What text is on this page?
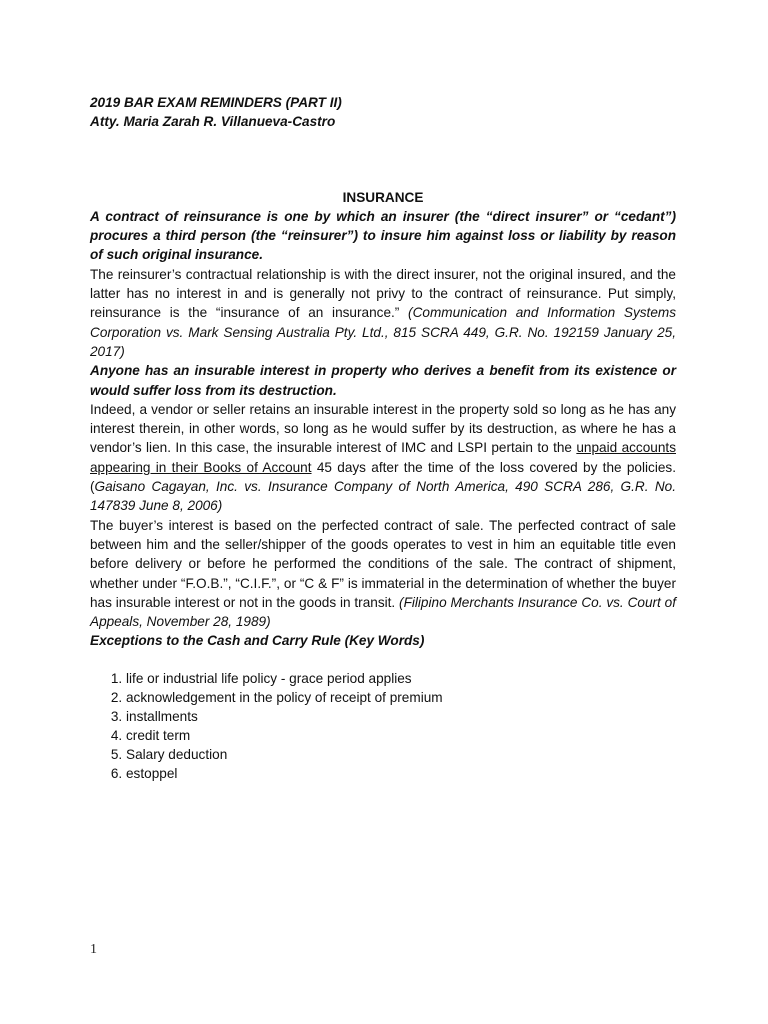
2019 BAR EXAM REMINDERS (PART II)

Atty. Maria Zarah R. Villanueva-Castro

INSURANCE

A contract of reinsurance is one by which an insurer (the “direct insurer” or “cedant”) procures a third person (the “reinsurer”) to insure him against loss or liability by reason of such original insurance.

The reinsurer’s contractual relationship is with the direct insurer, not the original insured, and the latter has no interest in and is generally not privy to the contract of reinsurance. Put simply, reinsurance is the “insurance of an insurance.” (Communication and Information Systems Corporation vs. Mark Sensing Australia Pty. Ltd., 815 SCRA 449, G.R. No. 192159 January 25, 2017)

Anyone has an insurable interest in property who derives a benefit from its existence or would suffer loss from its destruction.

Indeed, a vendor or seller retains an insurable interest in the property sold so long as he has any interest therein, in other words, so long as he would suffer by its destruction, as where he has a vendor’s lien. In this case, the insurable interest of IMC and LSPI pertain to the unpaid accounts appearing in their Books of Account 45 days after the time of the loss covered by the policies. (Gaisano Cagayan, Inc. vs. Insurance Company of North America, 490 SCRA 286, G.R. No. 147839 June 8, 2006)

The buyer’s interest is based on the perfected contract of sale. The perfected contract of sale between him and the seller/shipper of the goods operates to vest in him an equitable title even before delivery or before he performed the conditions of the sale. The contract of shipment, whether under “F.O.B.”, “C.I.F.”, or “C & F” is immaterial in the determination of whether the buyer has insurable interest or not in the goods in transit. (Filipino Merchants Insurance Co. vs. Court of Appeals, November 28, 1989)

Exceptions to the Cash and Carry Rule (Key Words)

1. life or industrial life policy - grace period applies
2. acknowledgement in the policy of receipt of premium
3. installments
4. credit term
5. Salary deduction
6. estoppel
1
